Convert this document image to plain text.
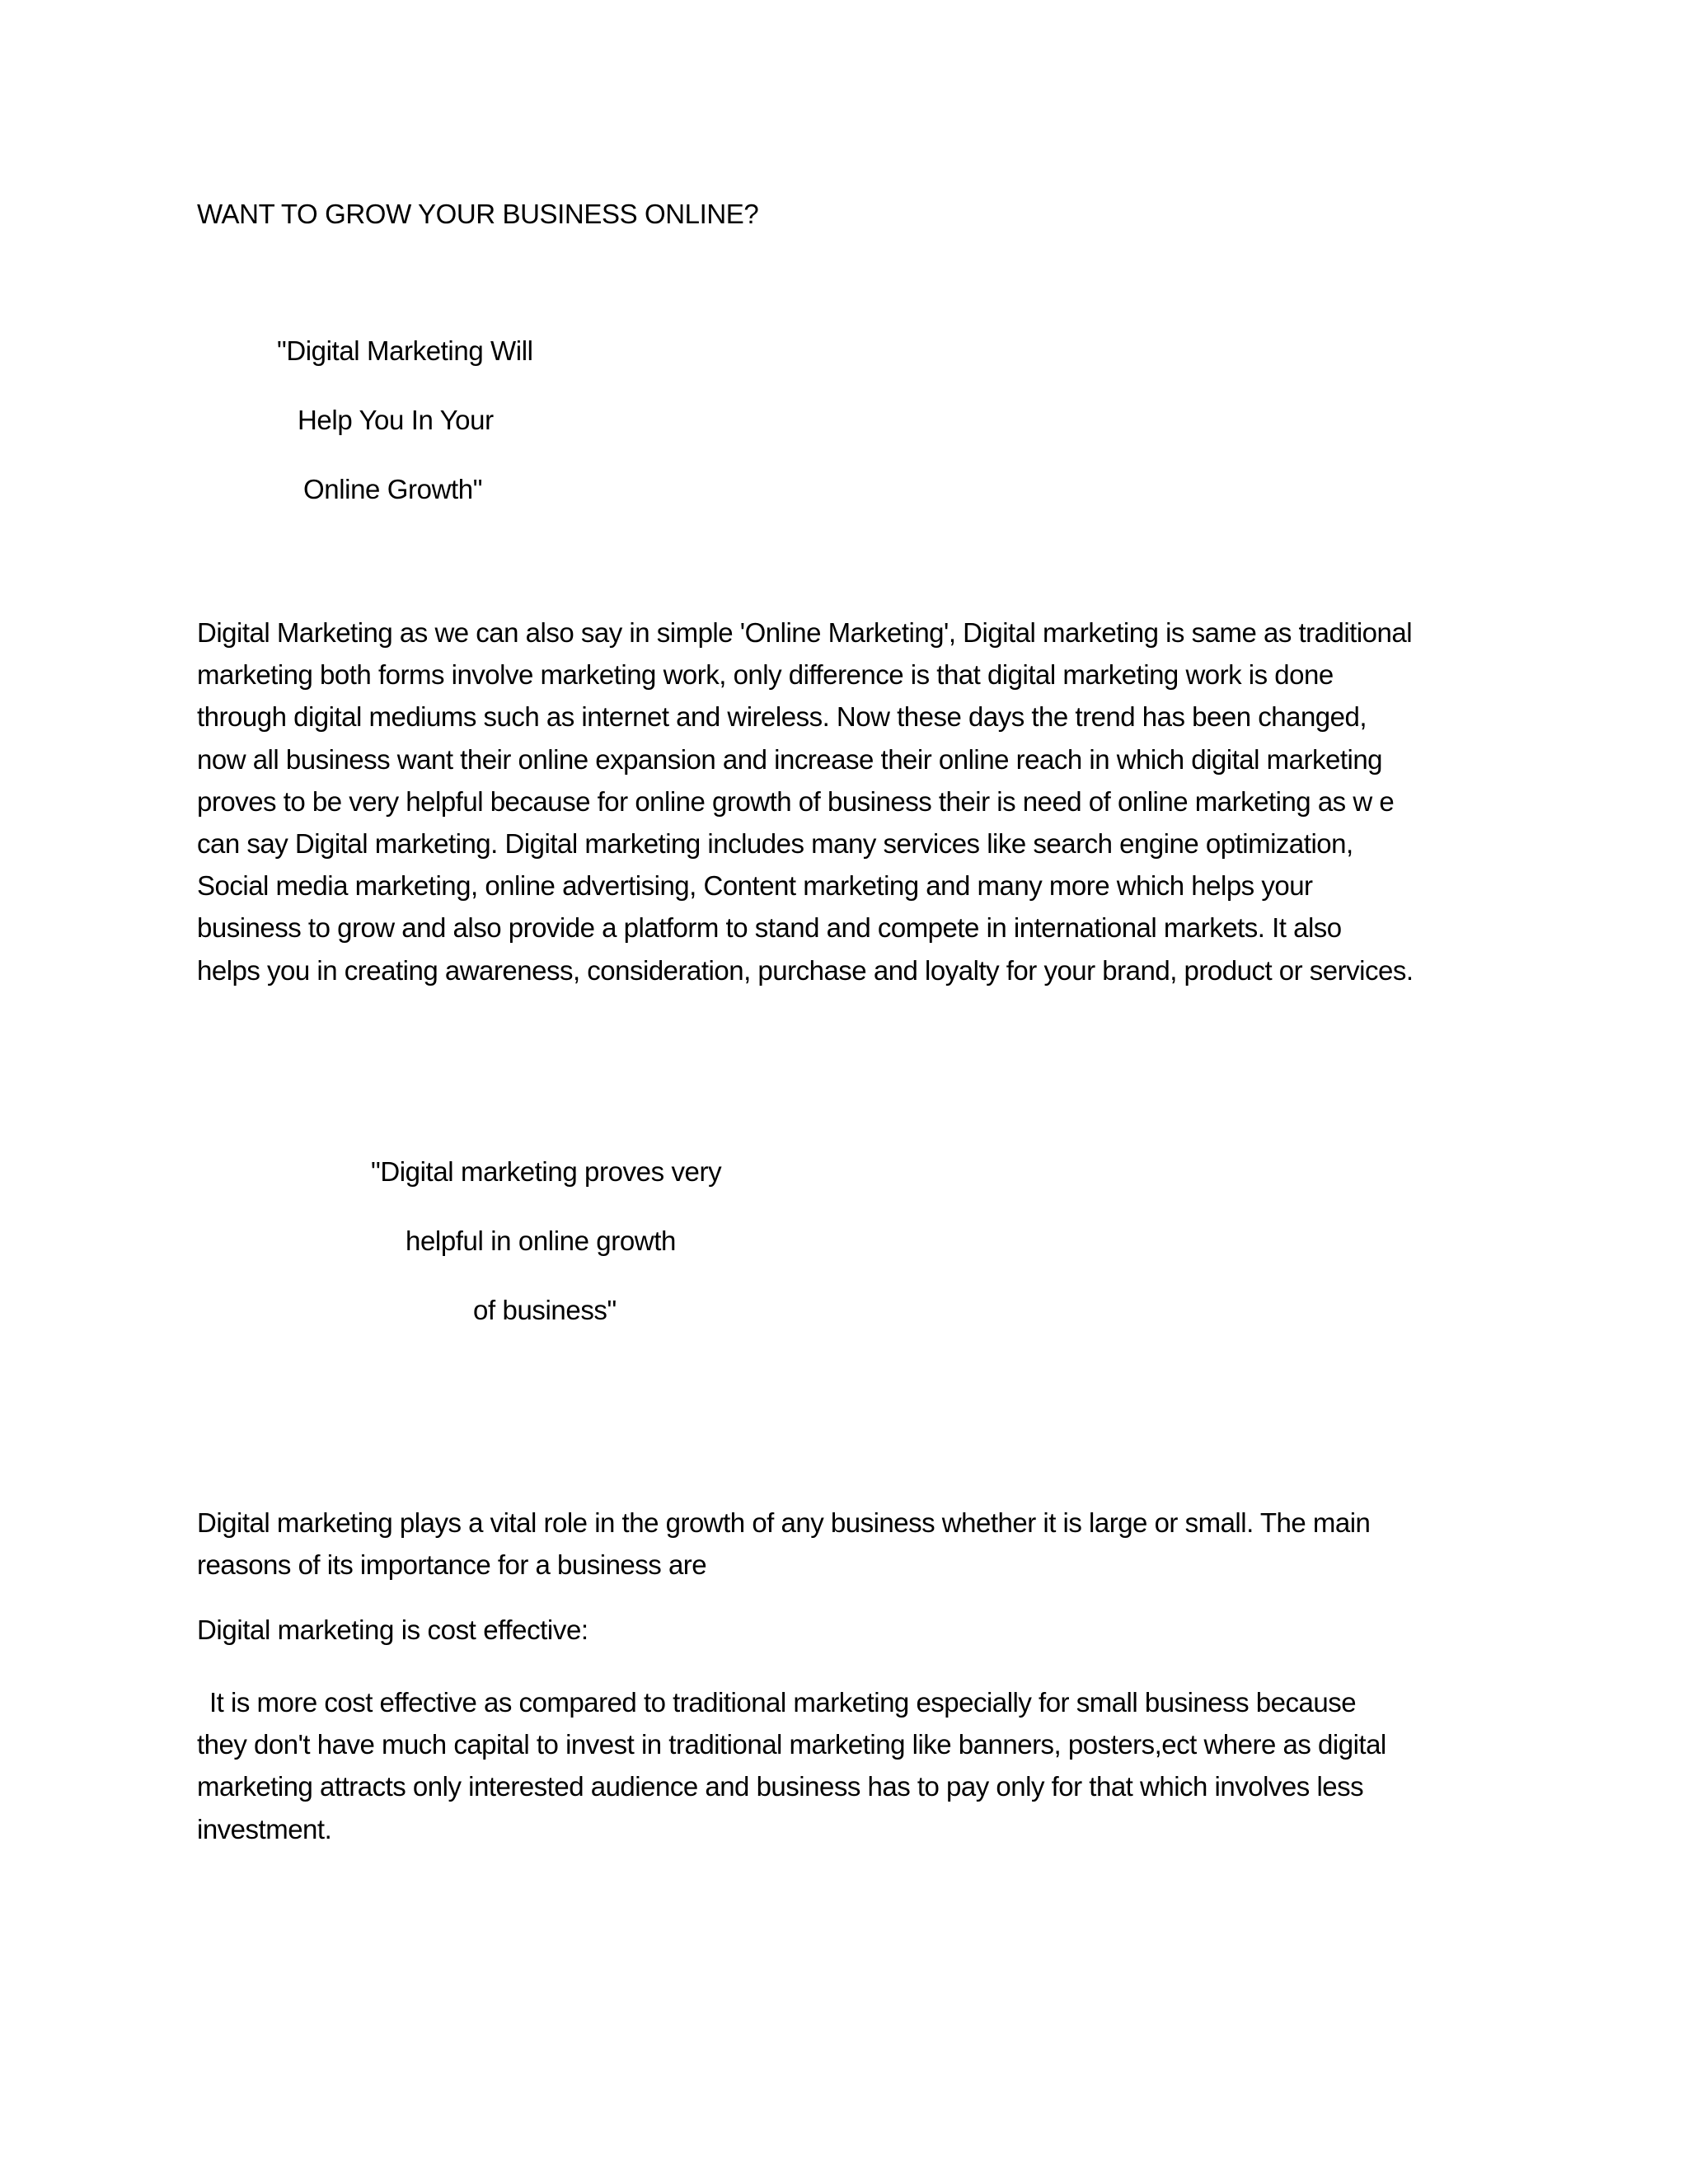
WANT TO GROW YOUR BUSINESS ONLINE?
"Digital Marketing Will
Help You In Your
Online Growth"
Digital Marketing as we can also say in simple 'Online Marketing', Digital marketing is same as traditional
marketing both forms involve marketing work, only difference is that digital marketing work is done
through digital mediums such as internet and wireless. Now these days the trend has been changed,
now all business want their online expansion and increase their online reach in which digital marketing
proves to be very helpful because for online growth of business their is need of online marketing as w e
can say Digital marketing. Digital marketing includes many services like search engine optimization,
Social media marketing, online advertising, Content marketing and many more which helps your
business to grow and also provide a platform to stand and compete in international markets. It also
helps you in creating awareness, consideration, purchase and loyalty for your brand, product or services.
"Digital marketing proves very
helpful in online growth
of business"
Digital marketing plays a vital role in the growth of any business whether it is large or small. The main
reasons of its importance for a business are
Digital marketing is cost effective:
It is more cost effective as compared to traditional marketing especially for small business because
they don't have much capital to invest in traditional marketing like banners, posters,ect where as digital
marketing attracts only interested audience and business has to pay only for that which involves less
investment.
